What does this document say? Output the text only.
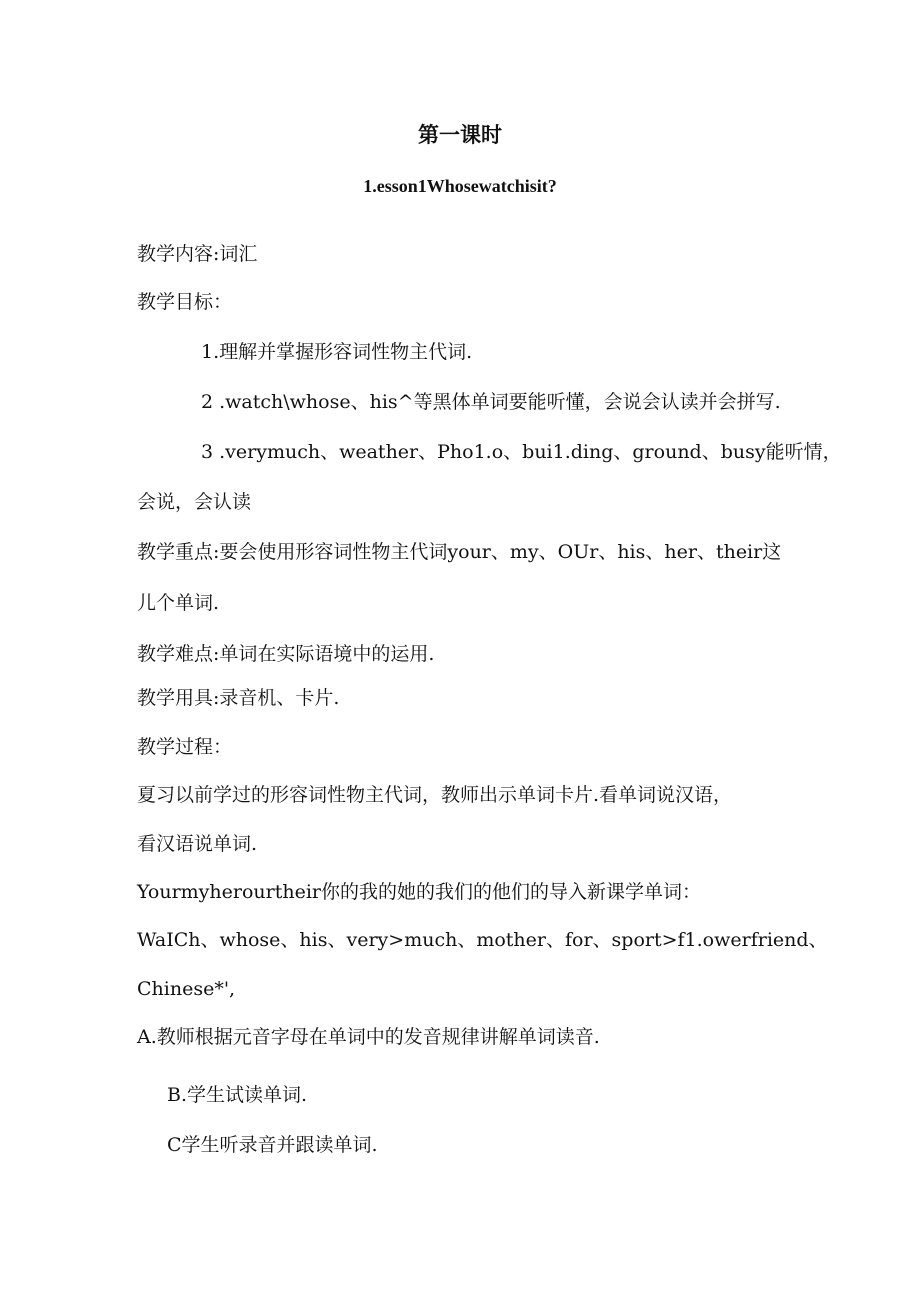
第一课时
1.esson1Whosewatchisit?
教学内容:词汇
教学目标：
1.理解并掌握形容词性物主代词.
2 .watch\whose、his^等黑体单词要能听懂，会说会认读并会拼写.
3 .verymuch、weather、Pho1.o、bui1.ding、ground、busy能听情，
会说，会认读
教学重点:要会使用形容词性物主代词your、my、OUr、his、her、their这
儿个单词.
教学难点:单词在实际语境中的运用.
教学用具:录音机、卡片.
教学过程：
夏习以前学过的形容词性物主代词，教师出示单词卡片.看单词说汉语，
看汉语说单词.
Yourmyherourtheir你的我的她的我们的他们的导入新课学单词：
WaICh、whose、his、very>much、mother、for、sport>f1.owerfriend、
Chinese*',
A.教师根据元音字母在单词中的发音规律讲解单词读音.
B.学生试读单词.
C学生听录音并跟读单词.
